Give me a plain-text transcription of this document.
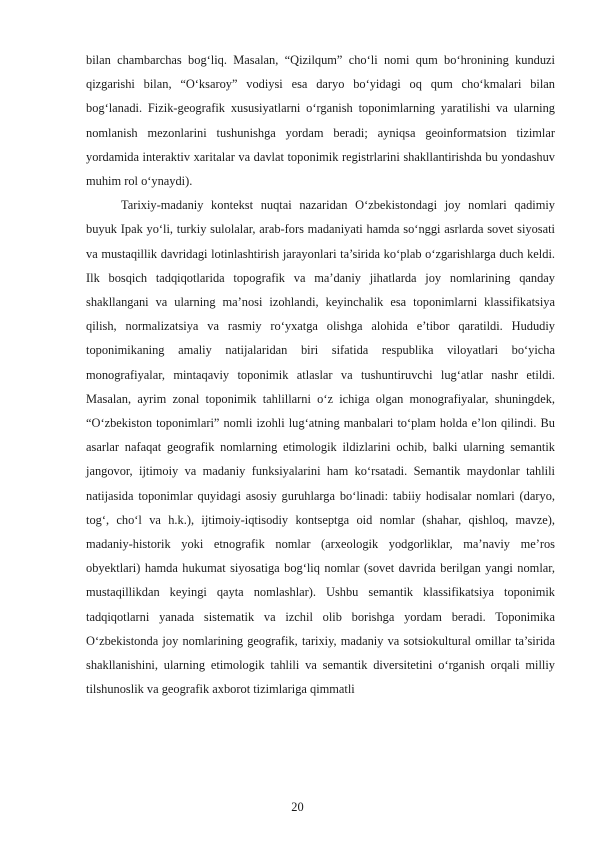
bilan chambarchas bog‘liq. Masalan, “Qizilqum” cho‘li nomi qum bo‘hronining kunduzi qizgarishi bilan, “O‘ksaroy” vodiysi esa daryo bo‘yidagi oq qum cho‘kmalari bilan bog‘lanadi. Fizik-geografik xususiyatlarni o‘rganish toponimlarning yaratilishi va ularning nomlanish mezonlarini tushunishga yordam beradi; ayniqsa geoinformatsion tizimlar yordamida interaktiv xaritalar va davlat toponimik registrlarini shakllantirishda bu yondashuv muhim rol o‘ynaydi).

Tarixiy-madaniy kontekst nuqtai nazaridan O‘zbekistondagi joy nomlari qadimiy buyuk Ipak yo‘li, turkiy sulolalar, arab-fors madaniyati hamda so‘nggi asrlarda sovet siyosati va mustaqillik davridagi lotinlashtirish jarayonlari ta’sirida ko‘plab o‘zgarishlarga duch keldi. Ilk bosqich tadqiqotlarida topografik va ma’daniy jihatlarda joy nomlarining qanday shakllangani va ularning ma’nosi izohlandi, keyinchalik esa toponimlarni klassifikatsiya qilish, normalizatsiya va rasmiy ro‘yxatga olishga alohida e’tibor qaratildi. Hududiy toponimikaning amaliy natijalaridan biri sifatida respublika viloyatlari bo‘yicha monografiyalar, mintaqaviy toponimik atlaslar va tushuntiruvchi lug‘atlar nashr etildi. Masalan, ayrim zonal toponimik tahlillarni o‘z ichiga olgan monografiyalar, shuningdek, “O‘zbekiston toponimlari” nomli izohli lug‘atning manbalari to‘plam holda e’lon qilindi. Bu asarlar nafaqat geografik nomlarning etimologik ildizlarini ochib, balki ularning semantik jangovor, ijtimoiy va madaniy funksiyalarini ham ko‘rsatadi. Semantik maydonlar tahlili natijasida toponimlar quyidagi asosiy guruhlarga bo‘linadi: tabiiy hodisalar nomlari (daryo, tog‘, cho‘l va h.k.), ijtimoiy-iqtisodiy kontseptga oid nomlar (shahar, qishloq, mavze), madaniy-historik yoki etnografik nomlar (arxeologik yodgorliklar, ma’naviy me’ros obyektlari) hamda hukumat siyosatiga bog‘liq nomlar (sovet davrida berilgan yangi nomlar, mustaqillikdan keyingi qayta nomlashlar). Ushbu semantik klassifikatsiya toponimik tadqiqotlarni yanada sistematik va izchil olib borishga yordam beradi. Toponimika O‘zbekistonda joy nomlarining geografik, tarixiy, madaniy va sotsiokultural omillar ta’sirida shakllanishini, ularning etimologik tahlili va semantik diversitetini o‘rganish orqali milliy tilshunoslik va geografik axborot tizimlariga qimmatli

20
